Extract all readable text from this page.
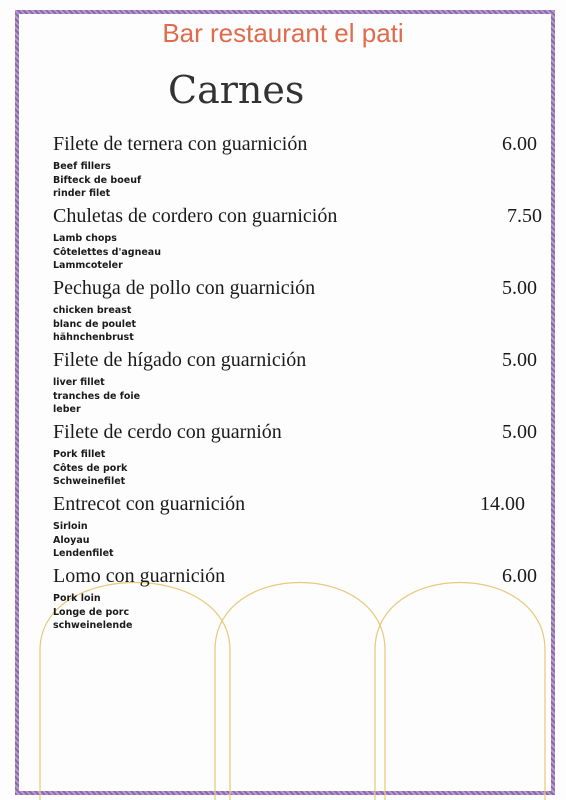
Bar restaurant el pati
Carnes
Filete de ternera con guarnición	6.00
Beef fillers
Bifteck de boeuf
rinder filet
Chuletas de cordero con guarnición	7.50
Lamb chops
Côtelettes d'agneau
Lammcoteler
Pechuga de pollo con guarnición	5.00
chicken breast
blanc de poulet
hähnchenbrust
Filete de hígado con guarnición	5.00
liver fillet
tranches de foie
leber
Filete de cerdo con guarnión	5.00
Pork fillet
Côtes de pork
Schweinefilet
Entrecot con guarnición	14.00
Sirloin
Aloyau
Lendenfilet
Lomo con guarnición	6.00
Pork loin
Longe de porc
schweinelende
